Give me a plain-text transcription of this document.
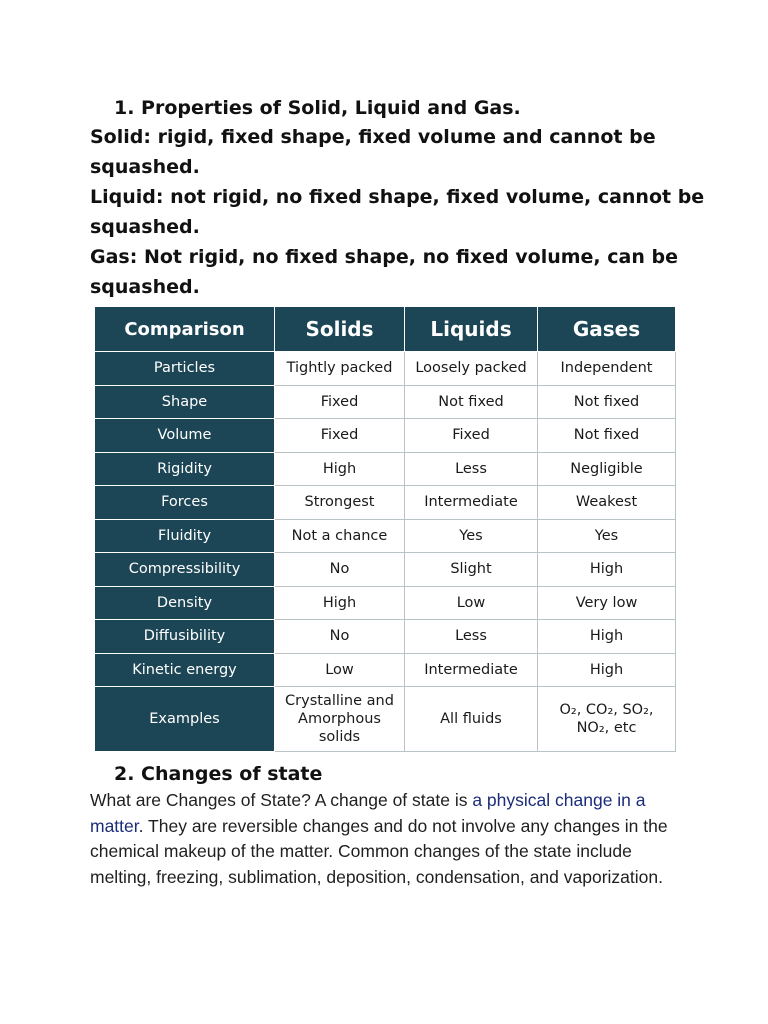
1. Properties of Solid, Liquid and Gas.

Solid: rigid, fixed shape, fixed volume and cannot be squashed.

Liquid: not rigid, no fixed shape, fixed volume, cannot be squashed.

Gas: Not rigid, no fixed shape, no fixed volume, can be squashed.

Comparison	Solids	Liquids	Gases
Particles	Tightly packed	Loosely packed	Independent
Shape	Fixed	Not fixed	Not fixed
Volume	Fixed	Fixed	Not fixed
Rigidity	High	Less	Negligible
Forces	Strongest	Intermediate	Weakest
Fluidity	Not a chance	Yes	Yes
Compressibility	No	Slight	High
Density	High	Low	Very low
Diffusibility	No	Less	High
Kinetic energy	Low	Intermediate	High
Examples	Crystalline and Amorphous solids	All fluids	O₂, CO₂, SO₂,
NO₂, etc
2. Changes of state

What are Changes of State? A change of state is a physical change in a matter. They are reversible changes and do not involve any changes in the chemical makeup of the matter. Common changes of the state include melting, freezing, sublimation, deposition, condensation, and vaporization.
